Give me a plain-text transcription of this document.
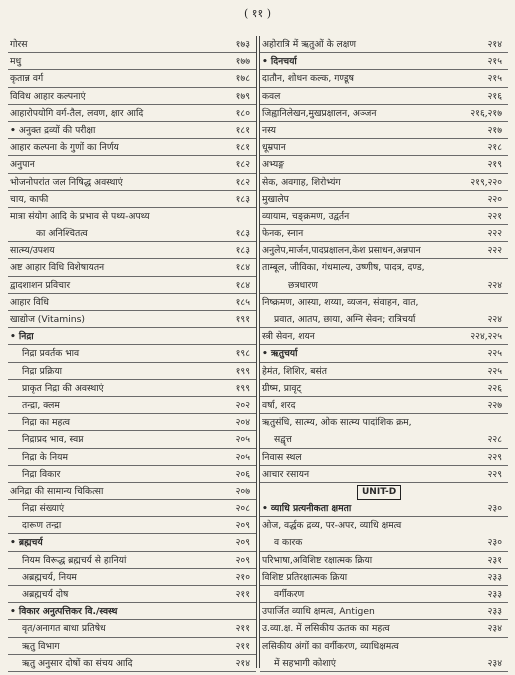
( ११ )
गोरस	१७३
मधु	१७७
कृतान्न वर्ग	१७८
विविध आहार कल्पनाएं	१७९
आहारोपयोगि वर्ग-तैल, लवण, क्षार आदि	१८०
• अनुक्त द्रव्यों की परीक्षा	१८१
आहार कल्पना के गुणों का निर्णय	१८१
अनुपान	१८२
भोजनोपरांत जल निषिद्ध अवस्थाएं	१८२
चाय, काफी	१८३
मात्रा संयोग आदि के प्रभाव से पथ्य-अपथ्य
का अनिश्चितत्व	१८३
सात्म्य/उपशय	१८३
अष्ट आहार विधि विशेषायतन	१८४
द्वादशाशन प्रविचार	१८४
आहार विधि	१८५
खाद्योज (Vitamins)	१९१
• निद्रा
निद्रा प्रवर्तक भाव	१९८
निद्रा प्रक्रिया	१९९
प्राकृत निद्रा की अवस्थाएं	१९९
तन्द्रा, क्लम	२०२
निद्रा का महत्व	२०४
निद्राप्रद भाव, स्वप्न	२०५
निद्रा के नियम	२०५
निद्रा विकार	२०६
अनिद्रा की सामान्य चिकित्सा	२०७
निद्रा संख्याएं	२०८
दारूण तन्द्रा	२०९
• ब्रह्मचर्य	२०९
नियम विरूद्ध ब्रह्मचर्य से हानियां	२०९
अब्रह्मचर्य, नियम	२१०
अब्रह्मचर्य दोष	२११
• विकार अनुत्पत्तिकर वि./स्वस्थ
वृत/अनागत बाधा प्रतिषेध	२११
ऋतु विभाग	२११
ऋतु अनुसार दोषों का संचय आदि	२१४
अहोरात्रि में ऋतुओं के लक्षण	२१४
• दिनचर्या	२१५
दातौन, शोधन कल्क, गण्डूष	२१५
कवल	२१६
जिह्वानिलेखन,मुखप्रक्षालन, अञ्जन	२१६,२१७
नस्य	२१७
धूम्रपान	२१८
अभ्यङ्ग	२१९
सेक, अवगाह, शिरोभ्यंग	२१९,२२०
मुखालेप	२२०
व्यायाम, चङ्क्रमण, उद्वर्तन	२२१
फेनक, स्नान	२२२
अनुलेप,मार्जन,पादप्रक्षालन,केश प्रसाधन,अन्नपान	२२२
ताम्बूल, जीविका, गंधमाल्य, उष्णीष, पादत्र, दण्ड,
छत्रधारण	२२४
निष्क्रमण, आस्या, शय्या, व्यजन, संवाहन, वात,
प्रवात, आतप, छाया, अग्नि सेवन; रात्रिचर्या	२२४
स्त्री सेवन, शयन	२२४,२२५
• ऋतुचर्या	२२५
हेमंत, शिशिर, बसंत	२२५
ग्रीष्म, प्रावृट्	२२६
वर्षा, शरद	२२७
ऋतुसंधि, सात्म्य, ओक सात्म्य पादांशिक क्रम,
सद्वृत्त	२२८
निवास स्थल	२२९
आचार रसायन	२२९
UNIT-D
• व्याधि प्रत्यनीकता क्षमता	२३०
ओज, वर्द्धक द्रव्य, पर-अपर, व्याधि क्षमत्व
व कारक	२३०
परिभाषा,अविशिष्ट रक्षात्मक क्रिया	२३१
विशिष्ट प्रतिरक्षात्मक क्रिया	२३३
वर्गीकरण	२३३
उपार्जित व्याधि क्षमत्व, Antigen	२३३
उ.व्या.क्ष. में लसिकीय ऊतक का महत्व	२३४
लसिकीय अंगों का वर्गीकरण, व्याधिक्षमत्व
में सहभागी कोशाएं	२३४
